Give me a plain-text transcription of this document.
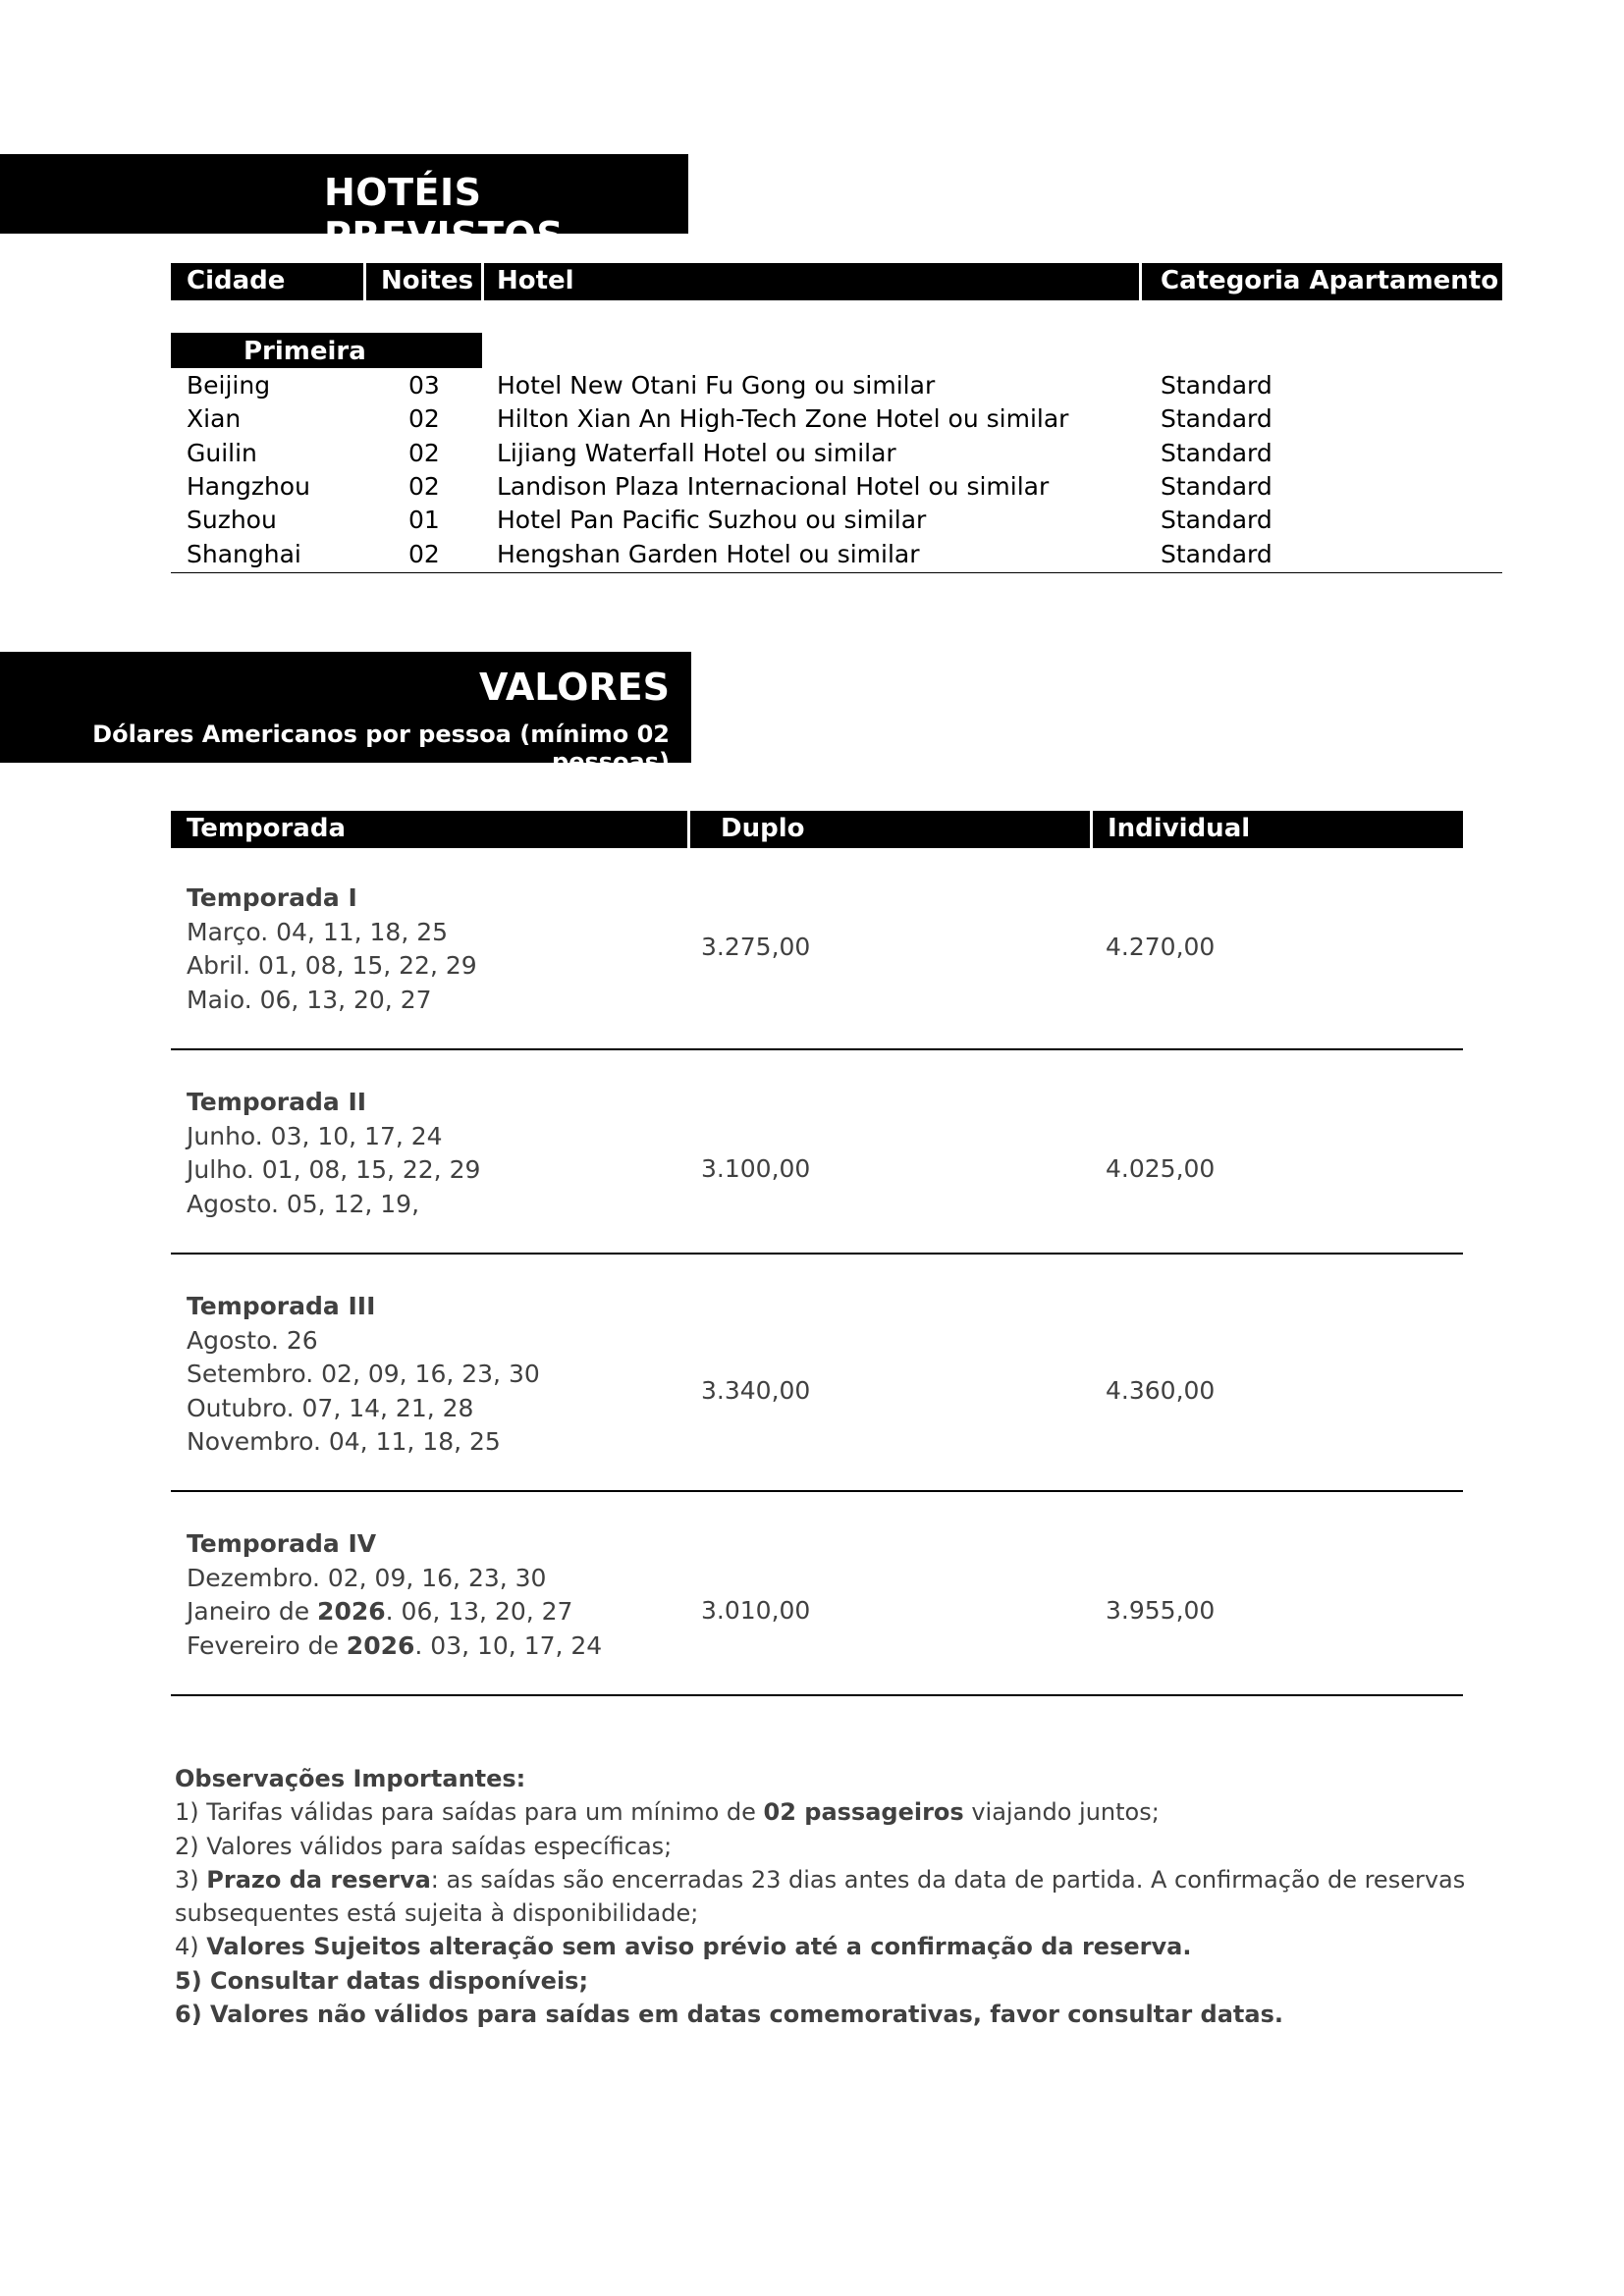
HOTÉIS PREVISTOS
Cidade	Noites Hotel	Categoria Apartamento
Primeira
Beijing	03 Hotel New Otani Fu Gong ou similar	Standard
Xian	02 Hilton Xian An High-Tech Zone Hotel ou similar	Standard
Guilin	02 Lijiang Waterfall Hotel ou similar	Standard
Hangzhou	02 Landison Plaza Internacional Hotel ou similar	Standard
Suzhou	01 Hotel Pan Pacific Suzhou ou similar	Standard
Shanghai	02 Hengshan Garden Hotel ou similar	Standard
VALORES
Dólares Americanos por pessoa (mínimo 02 pessoas)
Temporada	Duplo	Individual
Temporada I
Março. 04, 11, 18, 25
Abril. 01, 08, 15, 22, 29
Maio. 06, 13, 20, 27
3.275,00	4.270,00
Temporada II
Junho. 03, 10, 17, 24
Julho. 01, 08, 15, 22, 29
Agosto. 05, 12, 19,
3.100,00	4.025,00
Temporada III
Agosto. 26
Setembro. 02, 09, 16, 23, 30
Outubro. 07, 14, 21, 28
Novembro. 04, 11, 18, 25
3.340,00	4.360,00
Temporada IV
Dezembro. 02, 09, 16, 23, 30
Janeiro de 2026. 06, 13, 20, 27
Fevereiro de 2026. 03, 10, 17, 24
3.010,00	3.955,00
Observações Importantes:
1) Tarifas válidas para saídas para um mínimo de 02 passageiros viajando juntos;
2) Valores válidos para saídas específicas;
3) Prazo da reserva: as saídas são encerradas 23 dias antes da data de partida. A confirmação de reservas
subsequentes está sujeita à disponibilidade;
4) Valores Sujeitos alteração sem aviso prévio até a confirmação da reserva.
5) Consultar datas disponíveis;
6) Valores não válidos para saídas em datas comemorativas, favor consultar datas.
